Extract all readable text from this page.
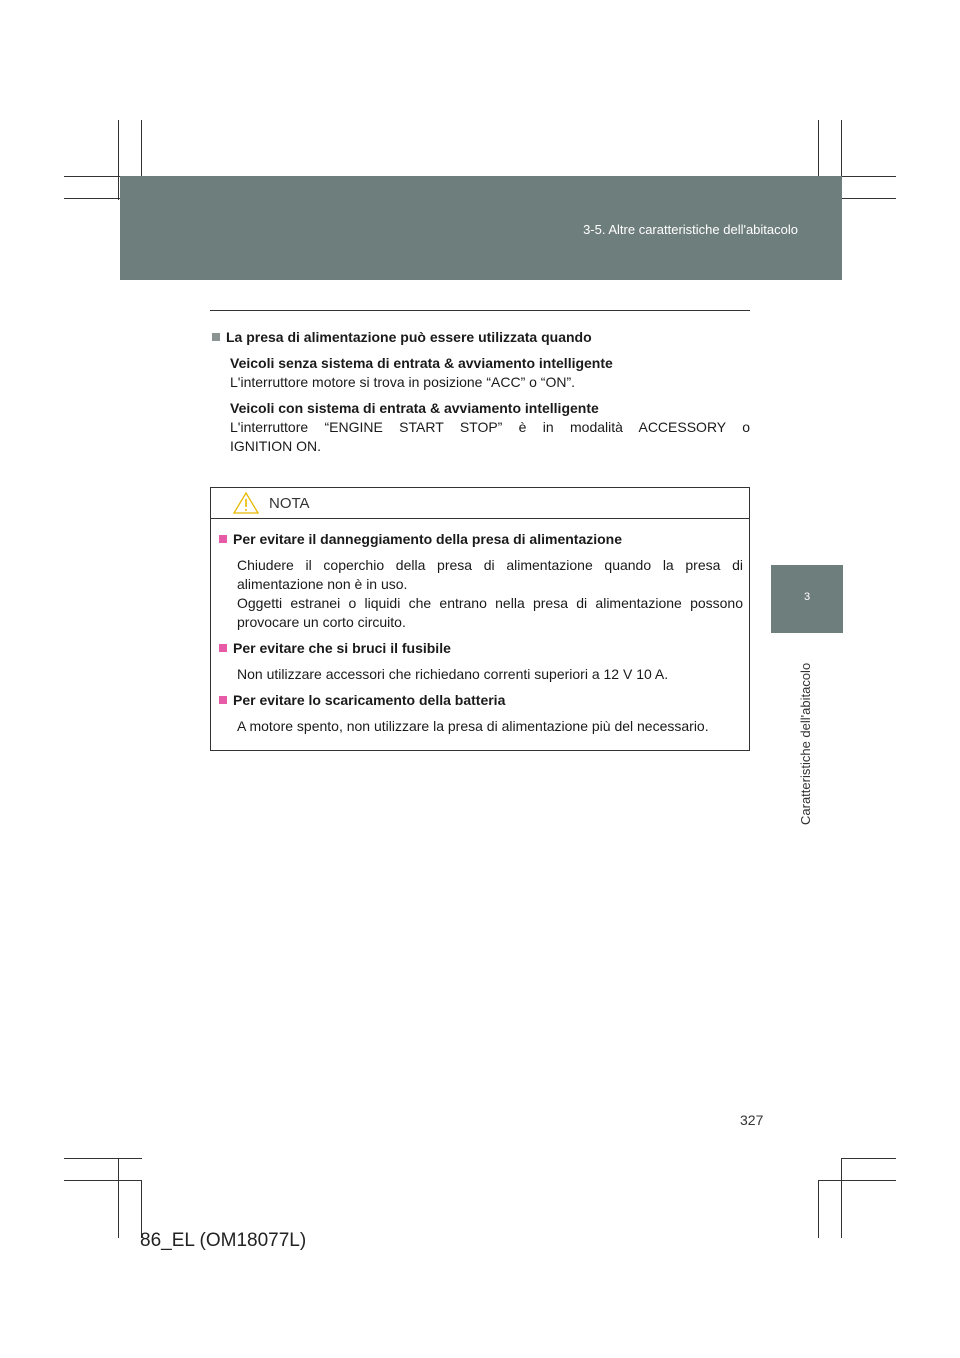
3-5. Altre caratteristiche dell'abitacolo
3
Caratteristiche dell'abitacolo
La presa di alimentazione può essere utilizzata quando
Veicoli senza sistema di entrata & avviamento intelligente
L'interruttore motore si trova in posizione “ACC” o “ON”.
Veicoli con sistema di entrata & avviamento intelligente
L'interruttore “ENGINE START STOP” è in modalità ACCESSORY o
IGNITION ON.
NOTA
Per evitare il danneggiamento della presa di alimentazione
Chiudere il coperchio della presa di alimentazione quando la presa di
alimentazione non è in uso.
Oggetti estranei o liquidi che entrano nella presa di alimentazione possono
provocare un corto circuito.
Per evitare che si bruci il fusibile
Non utilizzare accessori che richiedano correnti superiori a 12 V 10 A.
Per evitare lo scaricamento della batteria
A motore spento, non utilizzare la presa di alimentazione più del necessario.
327
86_EL (OM18077L)
